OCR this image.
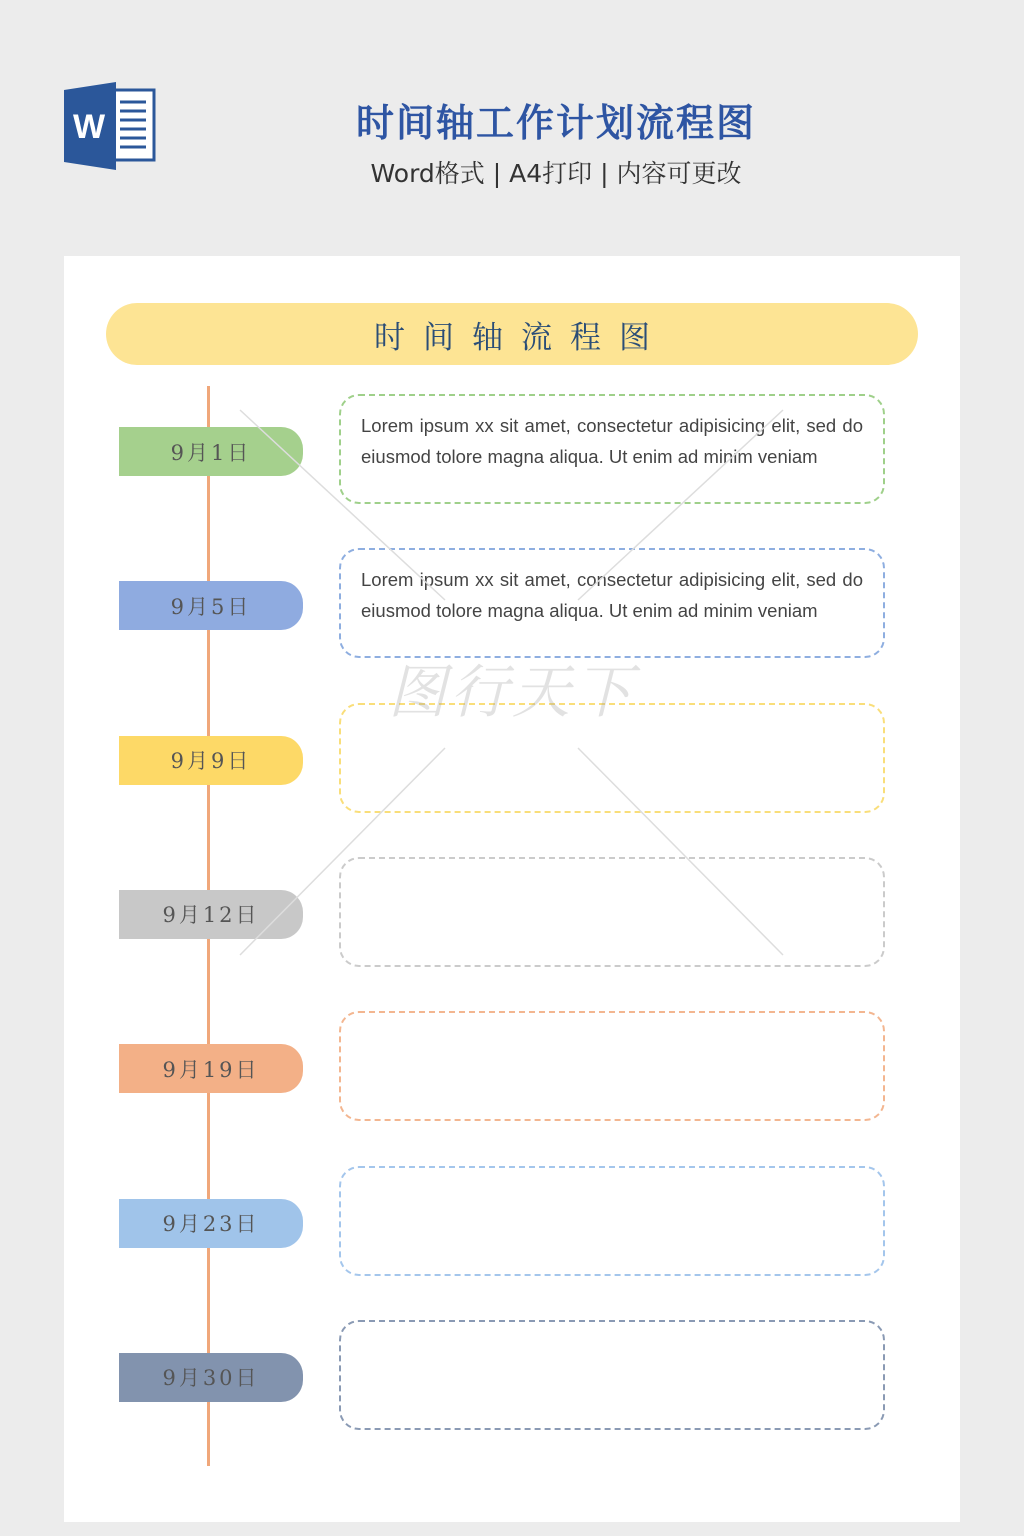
W	时间轴工作计划流程图

Word格式 | A4打印 | 内容可更改

时间轴流程图
9月1日

Lorem ipsum xx sit amet, consectetur adipisicing elit, sed do eiusmod tolore magna aliqua. Ut enim ad minim veniam

9月5日

Lorem ipsum xx sit amet, consectetur adipisicing elit, sed do eiusmod tolore magna aliqua. Ut enim ad minim veniam

9月9日

9月12日

9月19日

9月23日

9月30日

图行天下
